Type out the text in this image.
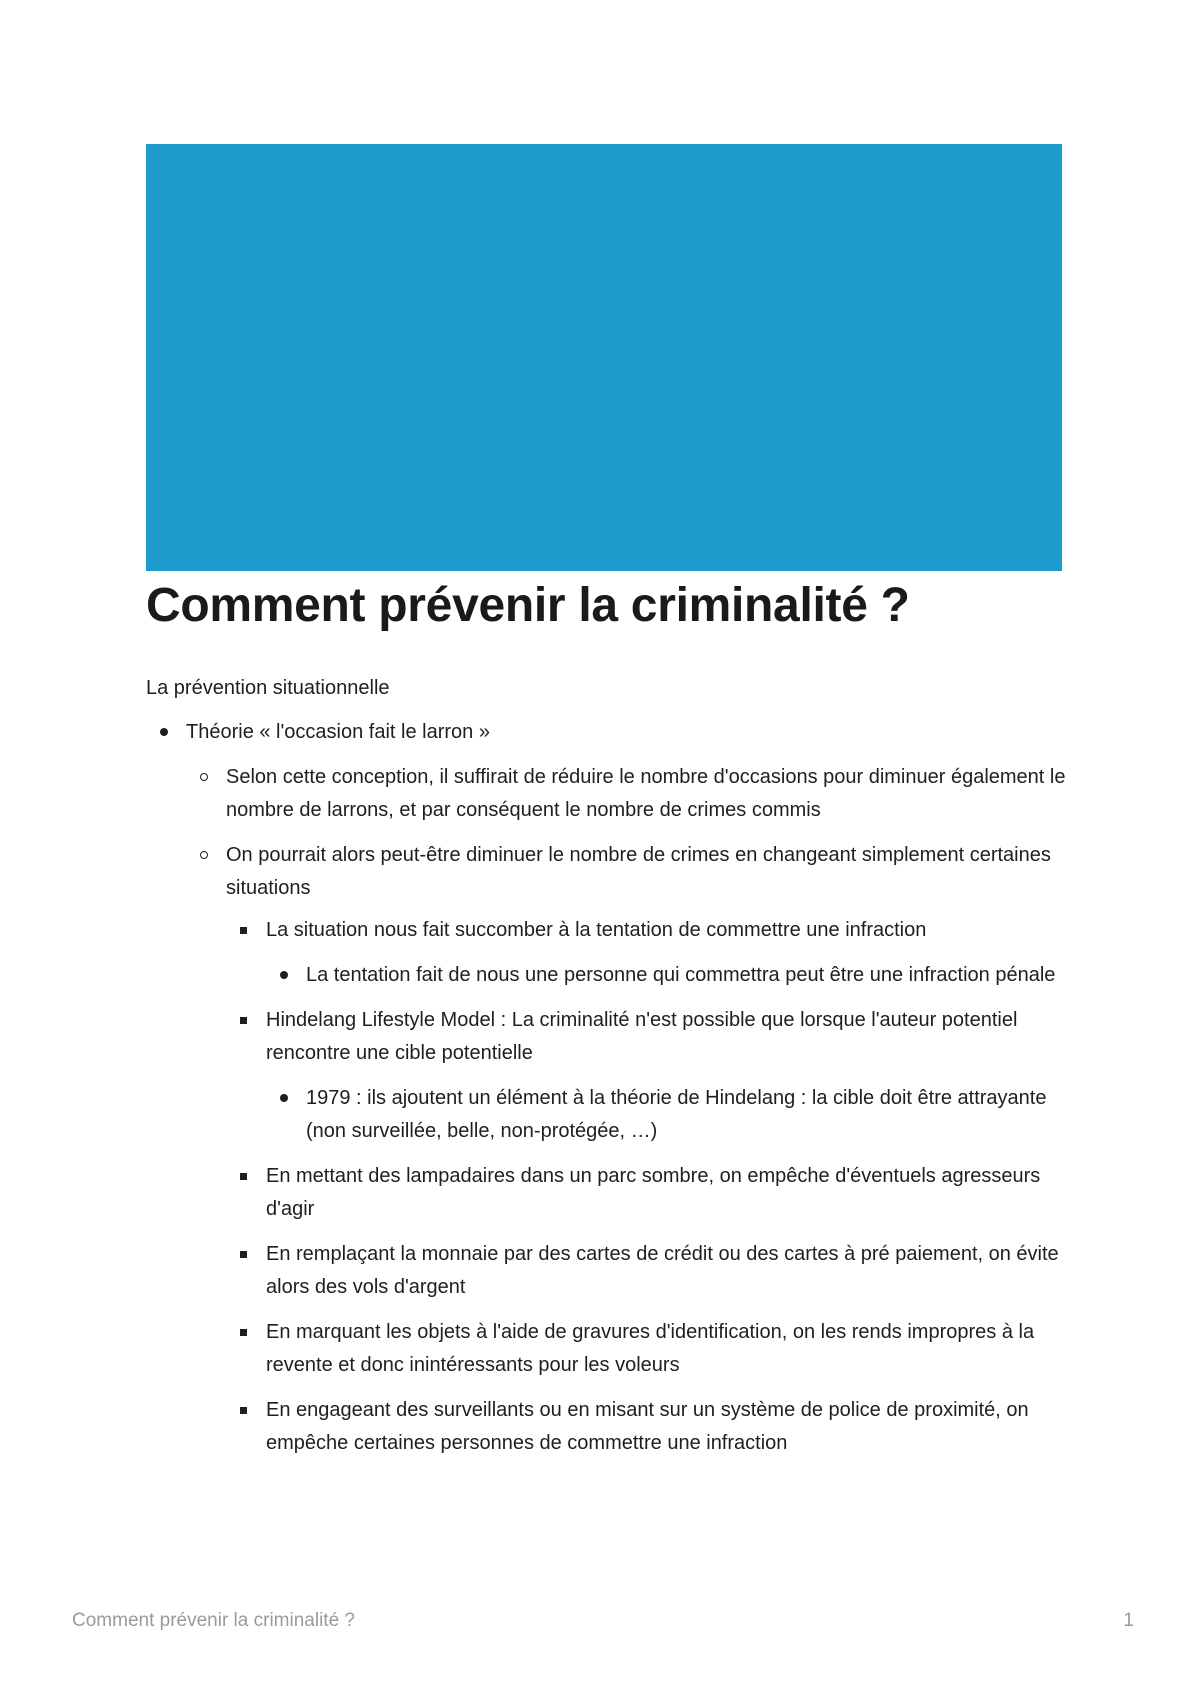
Comment prévenir la criminalité ?

La prévention situationnelle

Théorie « l'occasion fait le larron »
Selon cette conception, il suffirait de réduire le nombre d'occasions pour diminuer également le nombre de larrons, et par conséquent le nombre de crimes commis
On pourrait alors peut-être diminuer le nombre de crimes en changeant simplement certaines situations
La situation nous fait succomber à la tentation de commettre une infraction
La tentation fait de nous une personne qui commettra peut être une infraction pénale
Hindelang Lifestyle Model : La criminalité n'est possible que lorsque l'auteur potentiel rencontre une cible potentielle
1979 : ils ajoutent un élément à la théorie de Hindelang : la cible doit être attrayante (non surveillée, belle, non-protégée, …)
En mettant des lampadaires dans un parc sombre, on empêche d'éventuels agresseurs d'agir
En remplaçant la monnaie par des cartes de crédit ou des cartes à pré paiement, on évite alors des vols d'argent
En marquant les objets à l'aide de gravures d'identification, on les rends impropres à la revente et donc inintéressants pour les voleurs
En engageant des surveillants ou en misant sur un système de police de proximité, on empêche certaines personnes de commettre une infraction
Comment prévenir la criminalité ?	1
